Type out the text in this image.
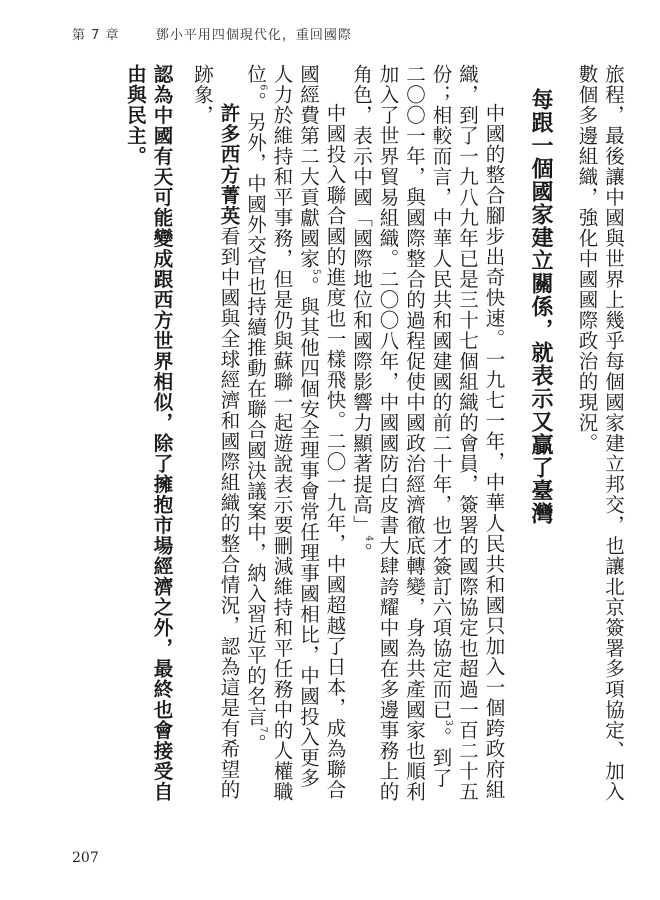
第 7 章 　	鄧小平用四個現代化，重回國際

旅程，最後讓中國與世界上幾乎每個國家建立邦交，也讓北京簽署多項協定、加入數個多邊組織，強化中國國際政治的現況。

每跟一個國家建立關係，就表示又贏了臺灣

中國的整合腳步出奇快速。一九七一年，中華人民共和國只加入一個跨政府組織，到了一九八九年已是三十七個組織的會員，簽署的國際協定也超過一百二十五份；相較而言，中華人民共和國建國的前二十年，也才簽訂六項協定而已$^3$。到了二〇〇一年，與國際整合的過程促使中國政治經濟徹底轉變，身為共產國家也順利加入了世界貿易組織。二〇〇八年，中國國防白皮書大肆誇耀中國在多邊事務上的角色，表示中國「國際地位和國際影響力顯著提高」$^4$。

中國投入聯合國的進度也一樣飛快。二〇一九年，中國超越了日本，成為聯合國經費第二大貢獻國家$^5$。與其他四個安全理事會常任理事國相比，中國投入更多人力於維持和平事務，但是仍與蘇聯一起遊說表示要刪減維持和平任務中的人權職位$^6$。另外，中國外交官也持續推動在聯合國決議案中，納入習近平的名言$^7$。

許多西方菁英看到中國與全球經濟和國際組織的整合情況，認為這是有希望的跡象，

認為中國有天可能變成跟西方世界相似，除了擁抱市場經濟之外，最終也會接受自由與民主。

207
